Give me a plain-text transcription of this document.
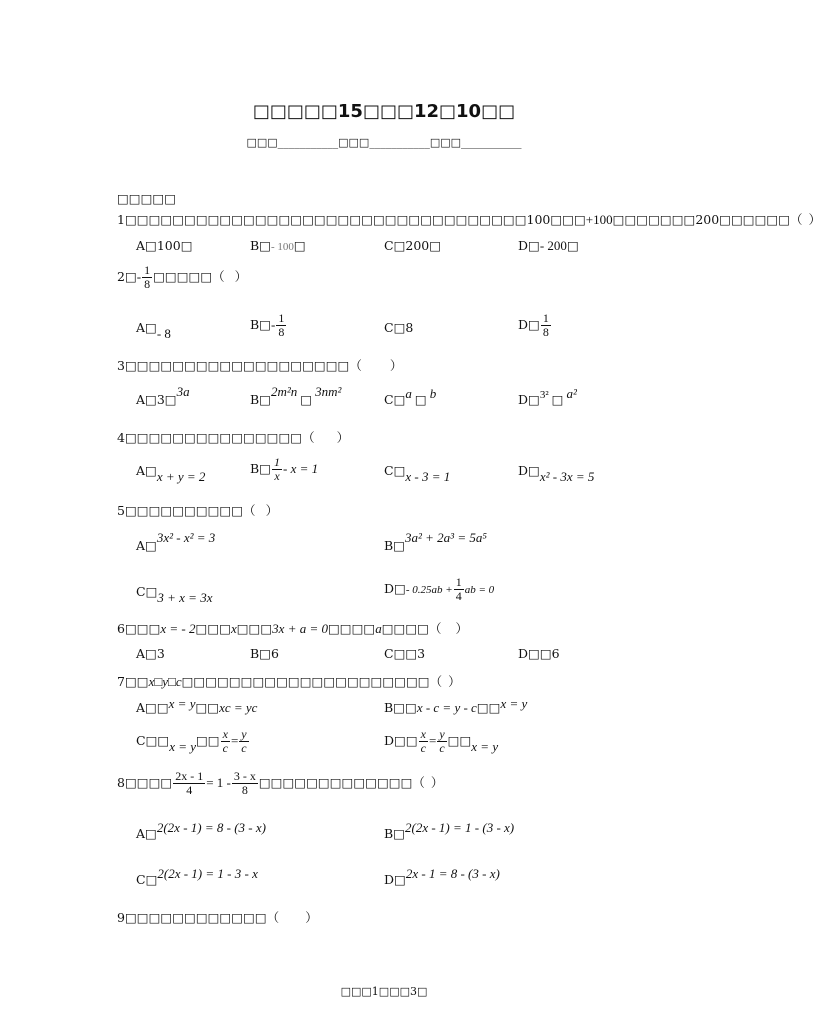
□□□□□15□□□12□10□□
□□□___________□□□___________□□□___________
□□□□□
1□□□□□□□□□□□□□□□□□□□□□□□□□□□□□□□□□□100□□□+100□□□□□□□200□□□□□□（ ）
A□100□	B□- 100□	C□200□	D□- 200□
2□- $\frac{1}{8}$ □□□□□（ ）
A□- 8
B□- $\frac{1}{8}$	C□8	D□ $\frac{1}{8}$
3□□□□□□□□□□□□□□□□□□□（ ）
A□3□3a
B□2m²n□3nm²
C□a □ b	D□3² □ a²
4□□□□□□□□□□□□□□□（ ）
A□x + y = 2
B□ $\frac{1}{x} - x = 1$	C□x - 3 = 1	D□x² - 3x = 5
5□□□□□□□□□□（ ）
A□3x² - x² = 3
B□3a² + 2a³ = 5a⁵
C□3 + x = 3x
D□- $0.25ab + \frac{1}{4}$ ab = 0
6□□□x = - 2□□□x□□□3x + a = 0□□□□a□□□□（ ）
A□3	B□6	C□□3	D□□6
7□□x□y□c□□□□□□□□□□□□□□□□□□□□□（ ）
A□□x = y□□xc = yc	B□□x - c = y - c□□x = y
C□□x = y□□ $\frac{x}{c} = \frac{y}{c}$	D□□ $\frac{x}{c} = \frac{y}{c}$ □□x = y
8□□□□ $\frac{2x - 1}{4} = 1 - \frac{3 - x}{8}$ □□□□□□□□□□□□□（ ）
A□2(2x - 1) = 8 - (3 - x)	B□2(2x - 1) = 1 - (3 - x)
C□2(2x - 1) = 1 - 3 - x	D□2x - 1 = 8 - (3 - x)
9□□□□□□□□□□□□（ ）
□□□1□□□3□
